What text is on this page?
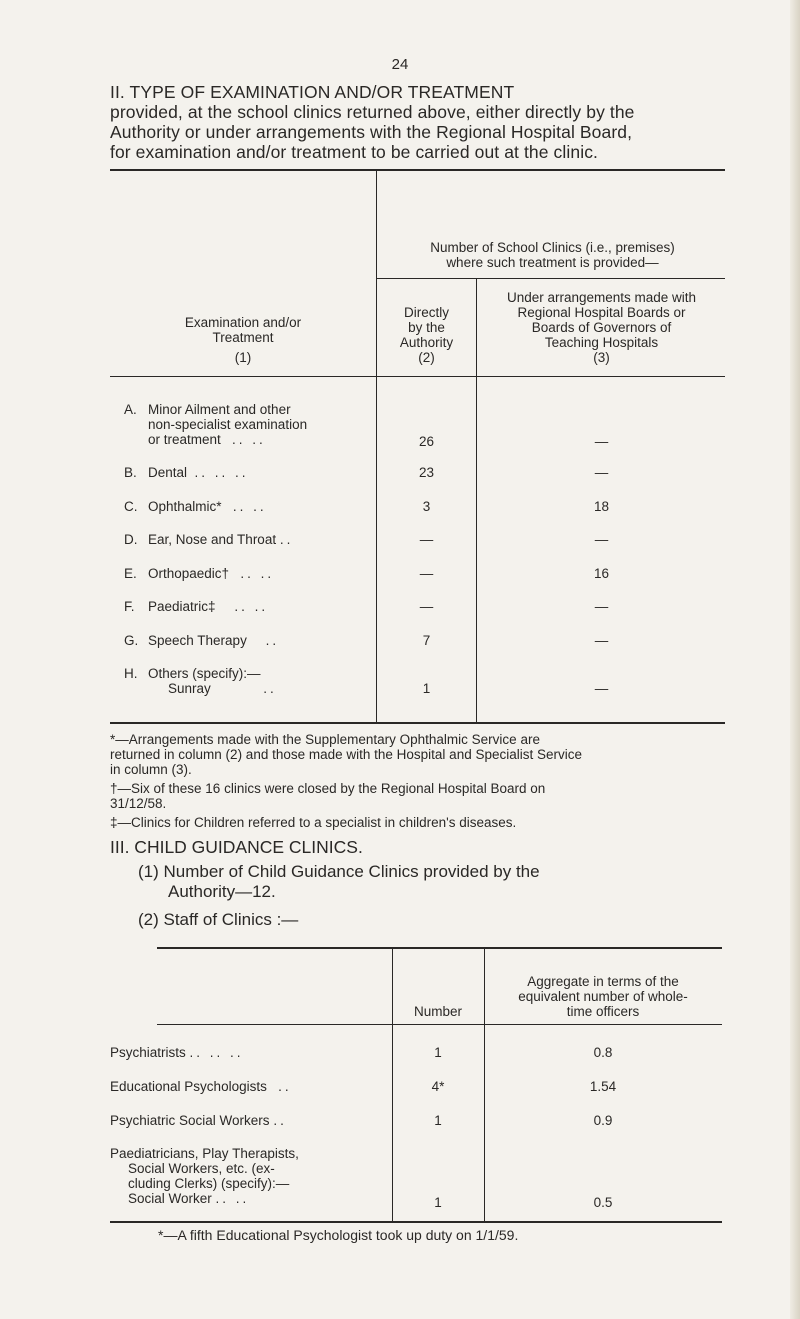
24
II. TYPE OF EXAMINATION AND/OR TREATMENT
provided, at the school clinics returned above, either directly by the
Authority or under arrangements with the Regional Hospital Board,
for examination and/or treatment to be carried out at the clinic.
Examination and/or
Treatment
(1)
Number of School Clinics (i.e., premises)
where such treatment is provided—
Directly
by the
Authority
(2)
Under arrangements made with
Regional Hospital Boards or
Boards of Governors of
Teaching Hospitals
(3)
A. Minor Ailment and other
non-specialist examination
or treatment .. ..	26	—
B. Dental .. .. ..	23	—
C. Ophthalmic* .. ..	3	18
D. Ear, Nose and Throat ..	—	—
E. Orthopaedic† .. ..	—	16
F. Paediatric‡ .. ..	—	—
G. Speech Therapy ..	7	—
H. Others (specify):—
Sunray	..	1	—
*—Arrangements made with the Supplementary Ophthalmic Service are
returned in column (2) and those made with the Hospital and Specialist Service
in column (3).
†—Six of these 16 clinics were closed by the Regional Hospital Board on
31/12/58.
‡—Clinics for Children referred to a specialist in children's diseases.
III. CHILD GUIDANCE CLINICS.
(1) Number of Child Guidance Clinics provided by the
Authority—12.
(2) Staff of Clinics :—
Number
Aggregate in terms of the
equivalent number of whole-
time officers
Psychiatrists .. .. ..	1	0.8
Educational Psychologists ..	4*	1.54
Psychiatric Social Workers ..	1	0.9
Paediatricians, Play Therapists,
Social Workers, etc. (ex-
cluding Clerks) (specify):—
Social Worker .. ..	1	0.5
*—A fifth Educational Psychologist took up duty on 1/1/59.
